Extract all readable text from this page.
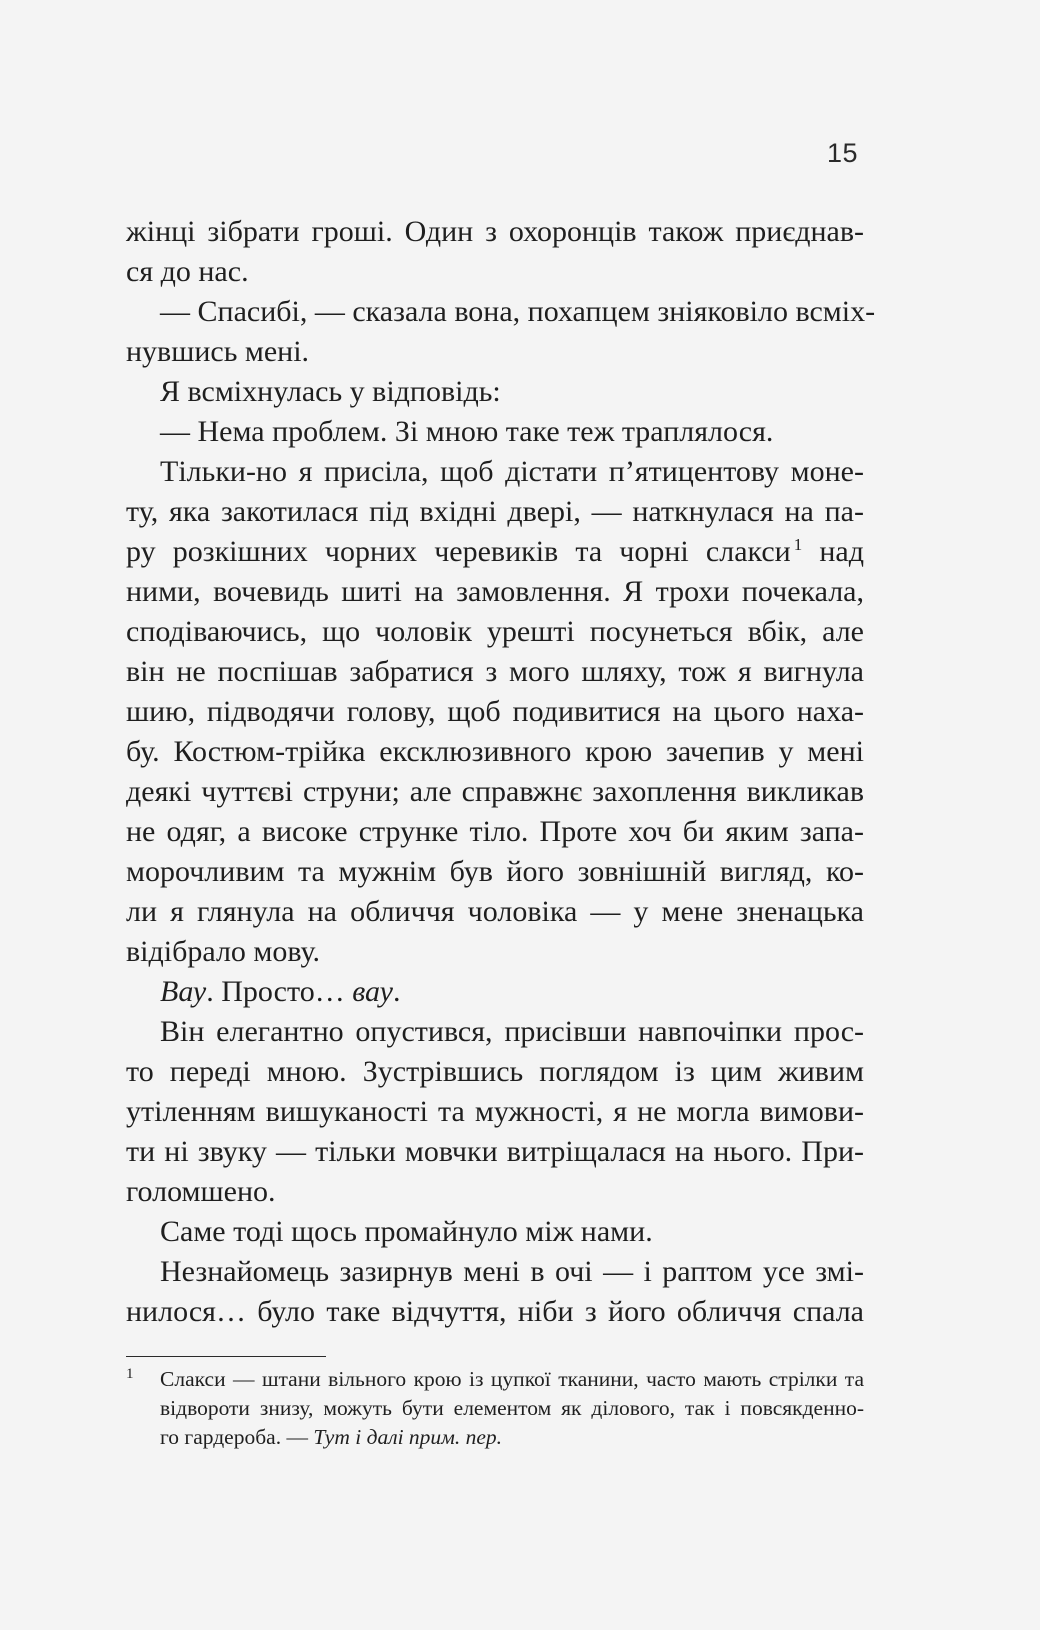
15
жінці зібрати гроші. Один з охоронців також приєднав-
ся до нас.
— Спасибі, — сказала вона, похапцем зніяковіло всміх-
нувшись мені.
Я всміхнулась у відповідь:
— Нема проблем. Зі мною таке теж траплялося.
Тільки-но я присіла, щоб дістати п’ятицентову моне-
ту, яка закотилася під вхідні двері, — наткнулася на па-
ру розкішних чорних черевиків та чорні слакси $^1$ над
ними, вочевидь шиті на замовлення. Я трохи почекала,
сподіваючись, що чоловік урешті посунеться вбік, але
він не поспішав забратися з мого шляху, тож я вигнула
шию, підводячи голову, щоб подивитися на цього наха-
бу. Костюм-трійка ексклюзивного крою зачепив у мені
деякі чуттєві струни; але справжнє захоплення викликав
не одяг, а високе струнке тіло. Проте хоч би яким запа-
морочливим та мужнім був його зовнішній вигляд, ко-
ли я глянула на обличчя чоловіка — у мене зненацька
відібрало мову.
Вау. Просто… вау.
Він елегантно опустився, присівши навпочіпки прос-
то переді мною. Зустрівшись поглядом із цим живим
утіленням вишуканості та мужності, я не могла вимови-
ти ні звуку — тільки мовчки витріщалася на нього. При-
голомшено.
Саме тоді щось промайнуло між нами.
Незнайомець зазирнув мені в очі — і раптом усе змі-
нилося… було таке відчуття, ніби з його обличчя спала
1	Слакси — штани вільного крою із цупкої тканини, часто мають стрілки та
відвороти знизу, можуть бути елементом як ділового, так і повсякденно-
го гардероба. — Тут і далі прим. пер.
